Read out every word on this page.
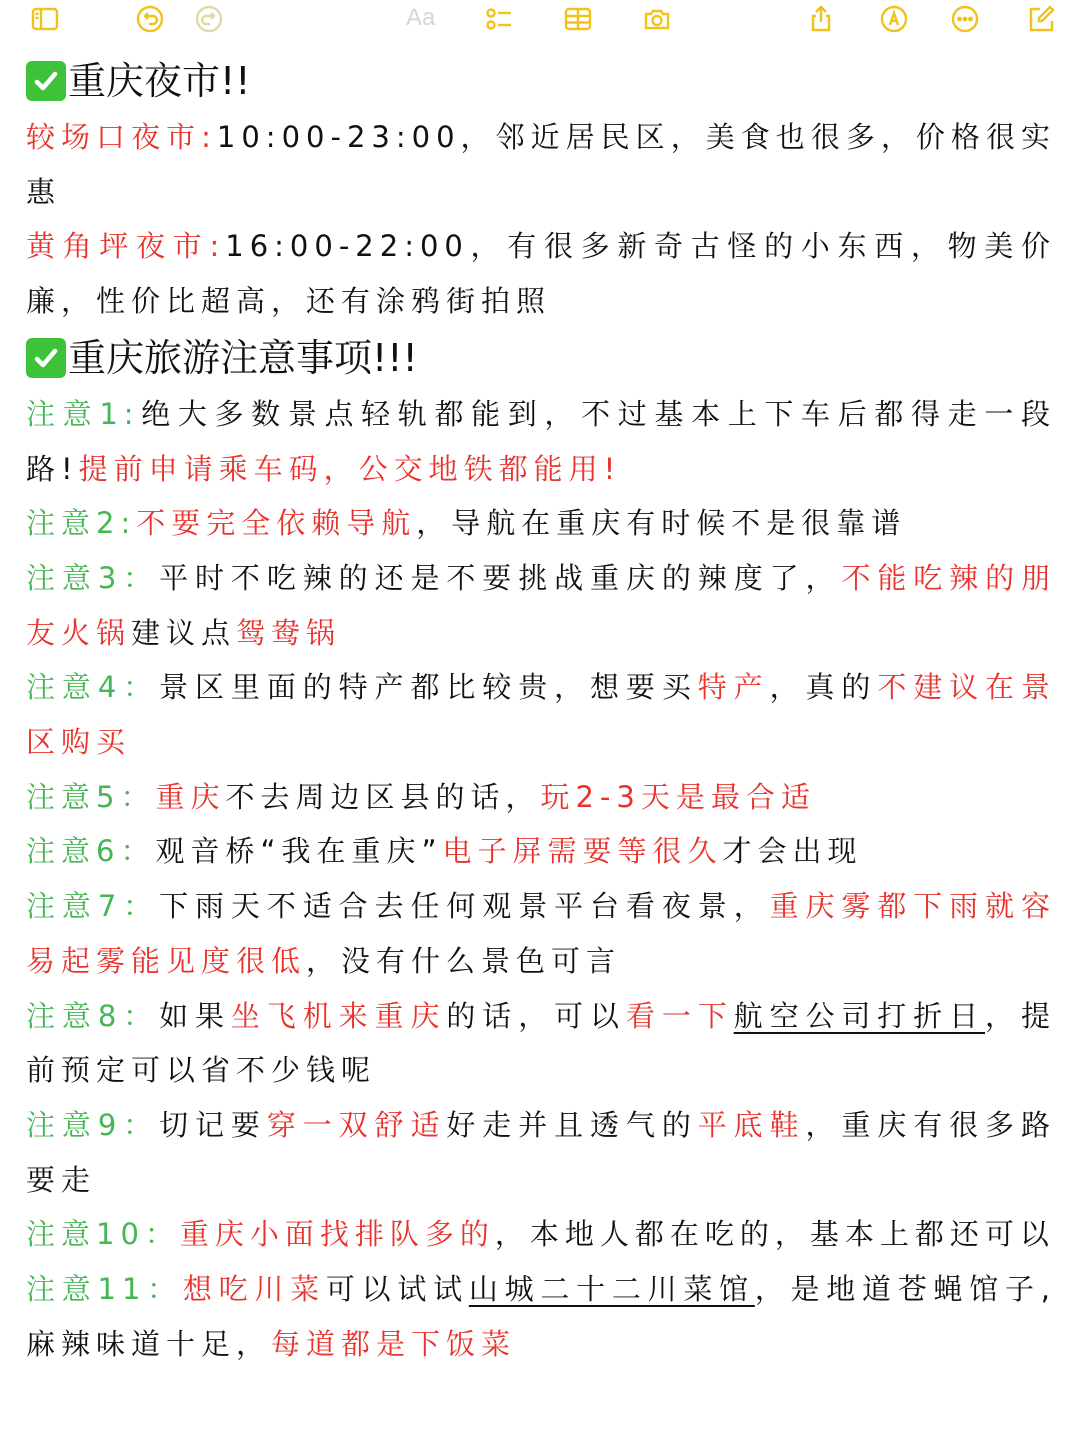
Aa
重庆夜市!!

较场口夜市:10:00-23:00，邻近居民区，美食也很多，价格很实惠

黄角坪夜市:16:00-22:00，有很多新奇古怪的小东西，物美价廉，性价比超高，还有涂鸦街拍照

重庆旅游注意事项!!!

注意1:绝大多数景点轻轨都能到，不过基本上下车后都得走一段路!提前申请乘车码，公交地铁都能用!

注意2:不要完全依赖导航，导航在重庆有时候不是很靠谱

注意3：平时不吃辣的还是不要挑战重庆的辣度了，不能吃辣的朋友火锅建议点鸳鸯锅

注意4：景区里面的特产都比较贵，想要买特产，真的不建议在景区购买

注意5：重庆不去周边区县的话，玩2-3天是最合适

注意6：观音桥“我在重庆”电子屏需要等很久才会出现

注意7：下雨天不适合去任何观景平台看夜景，重庆雾都下雨就容易起雾能见度很低，没有什么景色可言

注意8：如果坐飞机来重庆的话，可以看一下航空公司打折日，提前预定可以省不少钱呢

注意9：切记要穿一双舒适好走并且透气的平底鞋，重庆有很多路要走

注意10：重庆小面找排队多的，本地人都在吃的，基本上都还可以

注意11：想吃川菜可以试试山城二十二川菜馆，是地道苍蝇馆子,麻辣味道十足，每道都是下饭菜
